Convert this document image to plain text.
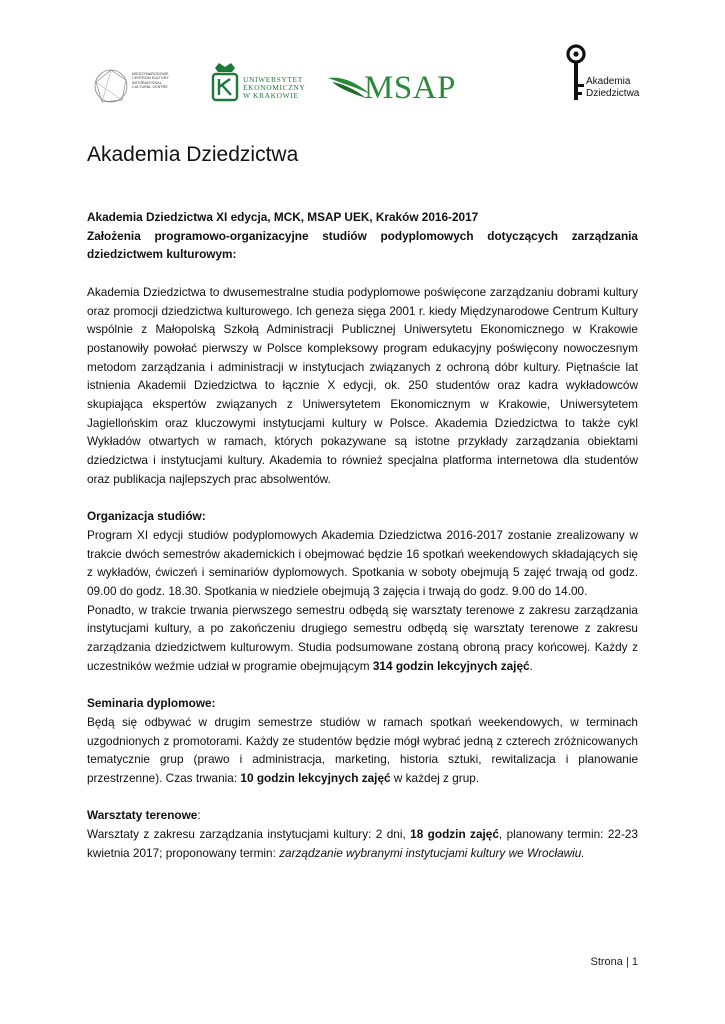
MIĘDZYNARODOWE CENTRUM KULTURY INTERNATIONAL CULTURAL CENTRE
UNIWERSYTET EKONOMICZNY W KRAKOWIE	MSAP	Akademia
Dziedzictwa
Akademia Dziedzictwa

Akademia Dziedzictwa XI edycja, MCK, MSAP UEK, Kraków 2016-2017

Założenia programowo-organizacyjne studiów podyplomowych dotyczących zarządzania dziedzictwem kulturowym:

Akademia Dziedzictwa to dwusemestralne studia podyplomowe poświęcone zarządzaniu dobrami kultury oraz promocji dziedzictwa kulturowego. Ich geneza sięga 2001 r. kiedy Międzynarodowe Centrum Kultury wspólnie z Małopolską Szkołą Administracji Publicznej Uniwersytetu Ekonomicznego w Krakowie postanowiły powołać pierwszy w Polsce kompleksowy program edukacyjny poświęcony nowoczesnym metodom zarządzania i administracji w instytucjach związanych z ochroną dóbr kultury. Piętnaście lat istnienia Akademii Dziedzictwa to łącznie X edycji, ok. 250 studentów oraz kadra wykładowców skupiająca ekspertów związanych z Uniwersytetem Ekonomicznym w Krakowie, Uniwersytetem Jagiellońskim oraz kluczowymi instytucjami kultury w Polsce. Akademia Dziedzictwa to także cykl Wykładów otwartych w ramach, których pokazywane są istotne przykłady zarządzania obiektami dziedzictwa i instytucjami kultury. Akademia to również specjalna platforma internetowa dla studentów oraz publikacja najlepszych prac absolwentów.

Organizacja studiów:

Program XI edycji studiów podyplomowych Akademia Dziedzictwa 2016-2017 zostanie zrealizowany w trakcie dwóch semestrów akademickich i obejmować będzie 16 spotkań weekendowych składających się z wykładów, ćwiczeń i seminariów dyplomowych. Spotkania w soboty obejmują 5 zajęć trwają od godz. 09.00 do godz. 18.30. Spotkania w niedziele obejmują 3 zajęcia i trwają do godz. 9.00 do 14.00.

Ponadto, w trakcie trwania pierwszego semestru odbędą się warsztaty terenowe z zakresu zarządzania instytucjami kultury, a po zakończeniu drugiego semestru odbędą się warsztaty terenowe z zakresu zarządzania dziedzictwem kulturowym. Studia podsumowane zostaną obroną pracy końcowej. Każdy z uczestników weźmie udział w programie obejmującym 314 godzin lekcyjnych zajęć.

Seminaria dyplomowe:

Będą się odbywać w drugim semestrze studiów w ramach spotkań weekendowych, w terminach uzgodnionych z promotorami. Każdy ze studentów będzie mógł wybrać jedną z czterech zróżnicowanych tematycznie grup (prawo i administracja, marketing, historia sztuki, rewitalizacja i planowanie przestrzenne). Czas trwania: 10 godzin lekcyjnych zajęć w każdej z grup.

Warsztaty terenowe:

Warsztaty z zakresu zarządzania instytucjami kultury: 2 dni, 18 godzin zajęć, planowany termin: 22-23 kwietnia 2017; proponowany termin: zarządzanie wybranymi instytucjami kultury we Wrocławiu.

Strona | 1
